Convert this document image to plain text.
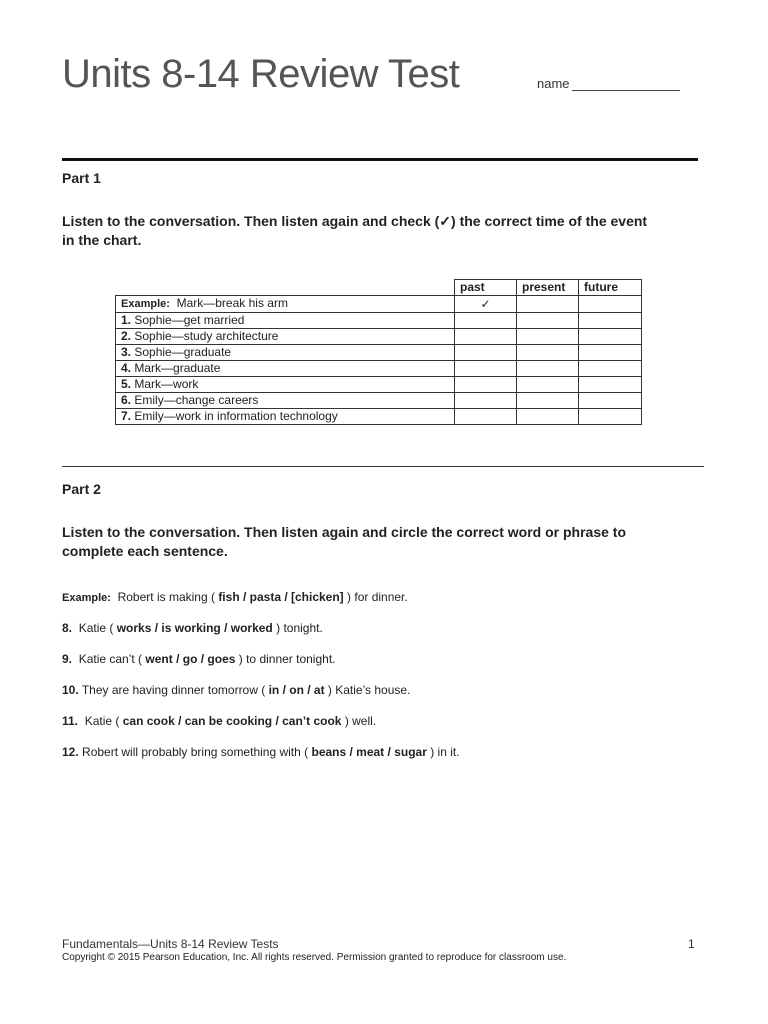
Units 8-14 Review Test	name
Part 1
Listen to the conversation. Then listen again and check (✓) the correct time of the event
in the chart.
	past	present	future
Example: Mark—break his arm	✓		
1. Sophie—get married			
2. Sophie—study architecture			
3. Sophie—graduate			
4. Mark—graduate			
5. Mark—work			
6. Emily—change careers			
7. Emily—work in information technology			
Part 2
Listen to the conversation. Then listen again and circle the correct word or phrase to
complete each sentence.
Example: Robert is making ( fish / pasta / [chicken] ) for dinner.
8. Katie ( works / is working / worked ) tonight.
9. Katie can’t ( went / go / goes ) to dinner tonight.
10. They are having dinner tomorrow ( in / on / at ) Katie’s house.
11. Katie ( can cook / can be cooking / can’t cook ) well.
12. Robert will probably bring something with ( beans / meat / sugar ) in it.
Fundamentals—Units 8-14 Review Tests	1
Copyright © 2015 Pearson Education, Inc. All rights reserved. Permission granted to reproduce for classroom use.
